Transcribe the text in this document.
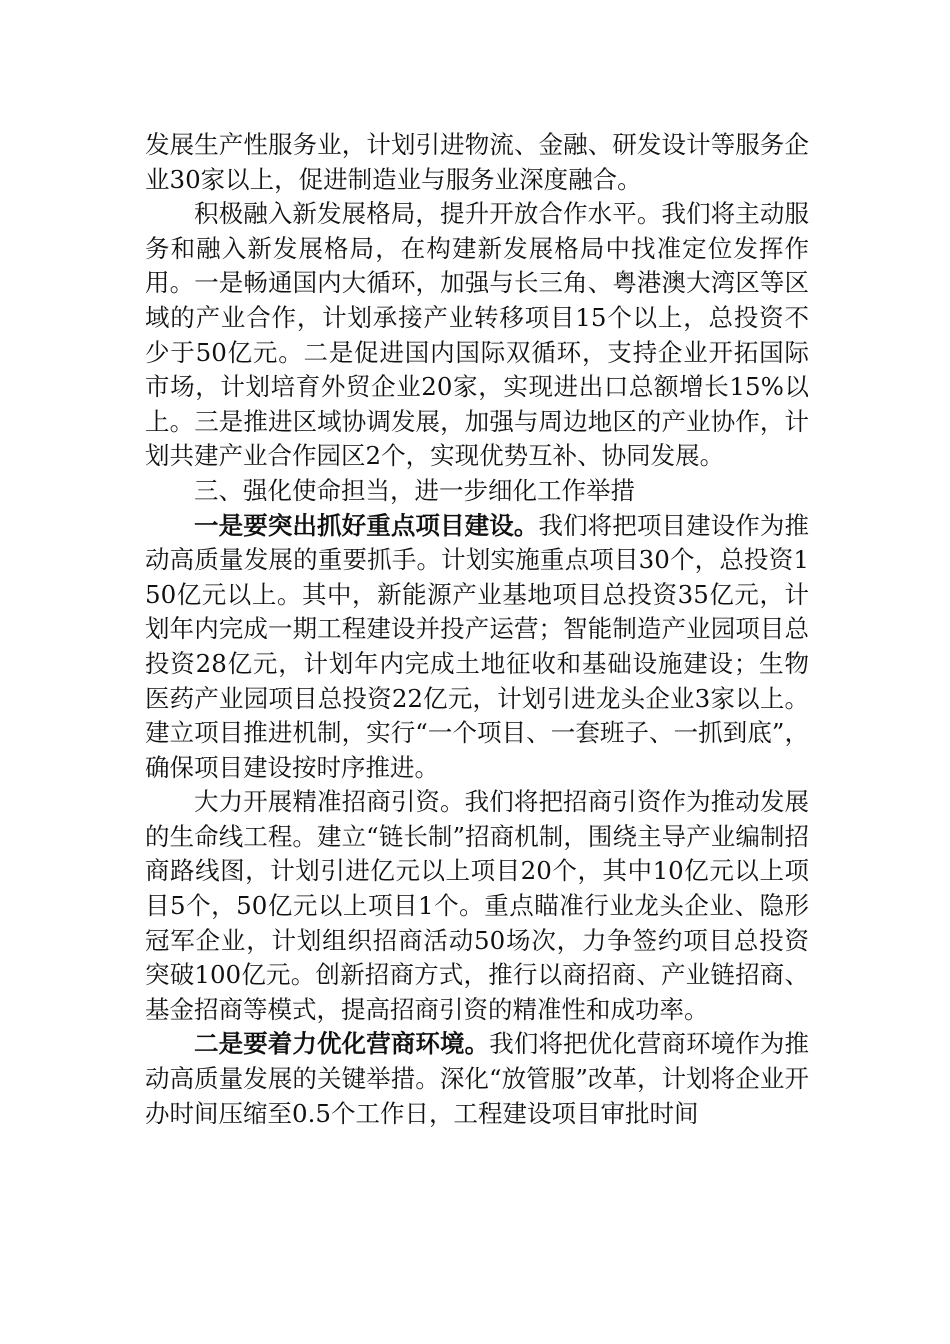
发展生产性服务业，计划引进物流、金融、研发设计等服务企业30家以上，促进制造业与服务业深度融合。

积极融入新发展格局，提升开放合作水平。我们将主动服务和融入新发展格局，在构建新发展格局中找准定位发挥作用。一是畅通国内大循环，加强与长三角、粤港澳大湾区等区域的产业合作，计划承接产业转移项目15个以上，总投资不少于50亿元。二是促进国内国际双循环，支持企业开拓国际市场，计划培育外贸企业20家，实现进出口总额增长15%以上。三是推进区域协调发展，加强与周边地区的产业协作，计划共建产业合作园区2个，实现优势互补、协同发展。

三、强化使命担当，进一步细化工作举措

一是要突出抓好重点项目建设。我们将把项目建设作为推动高质量发展的重要抓手。计划实施重点项目30个，总投资150亿元以上。其中，新能源产业基地项目总投资35亿元，计划年内完成一期工程建设并投产运营；智能制造产业园项目总投资28亿元，计划年内完成土地征收和基础设施建设；生物医药产业园项目总投资22亿元，计划引进龙头企业3家以上。建立项目推进机制，实行“一个项目、一套班子、一抓到底”，确保项目建设按时序推进。

大力开展精准招商引资。我们将把招商引资作为推动发展的生命线工程。建立“链长制”招商机制，围绕主导产业编制招商路线图，计划引进亿元以上项目20个，其中10亿元以上项目5个，50亿元以上项目1个。重点瞄准行业龙头企业、隐形冠军企业，计划组织招商活动50场次，力争签约项目总投资突破100亿元。创新招商方式，推行以商招商、产业链招商、基金招商等模式，提高招商引资的精准性和成功率。

二是要着力优化营商环境。我们将把优化营商环境作为推动高质量发展的关键举措。深化“放管服”改革，计划将企业开办时间压缩至0.5个工作日，工程建设项目审批时间
